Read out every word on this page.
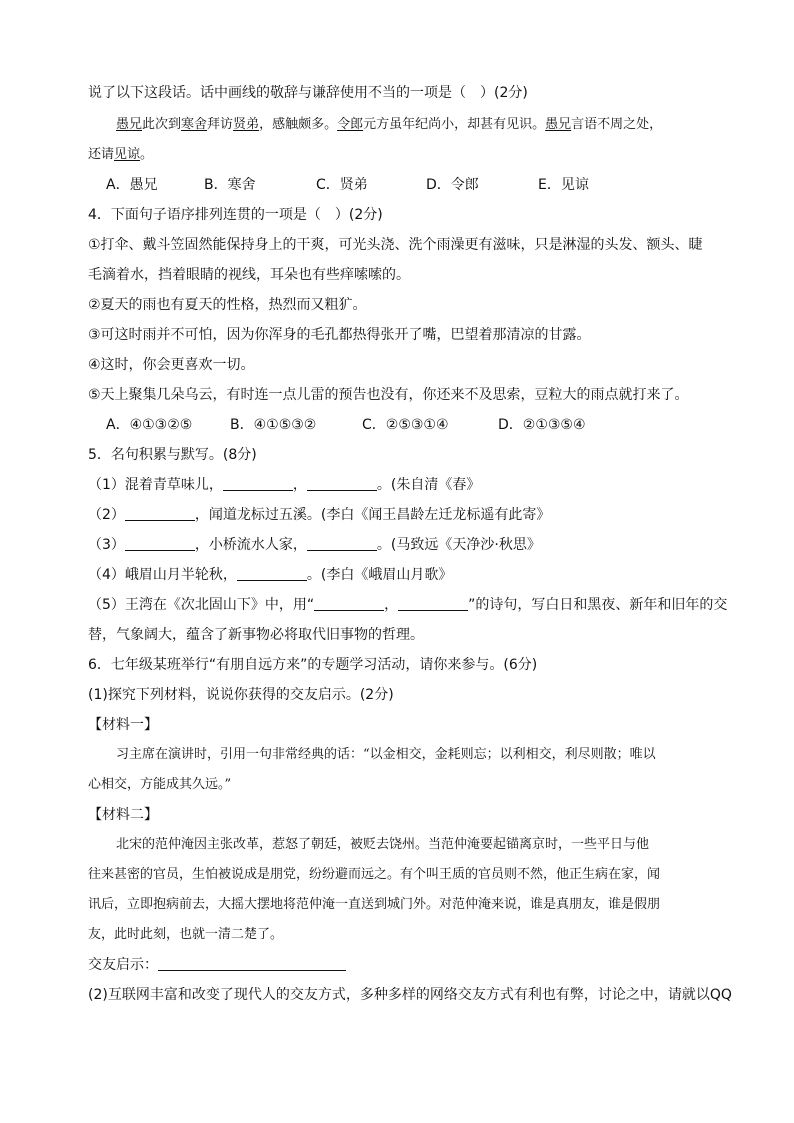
说了以下这段话。话中画线的敬辞与谦辞使用不当的一项是（　）(2分)
愚兄此次到寒舍拜访贤弟，感触颇多。令郎元方虽年纪尚小，却甚有见识。愚兄言语不周之处，
还请见谅。
A．愚兄	B．寒舍	C．贤弟	D．令郎	E．见谅
4．下面句子语序排列连贯的一项是（　）(2分)
①打伞、戴斗笠固然能保持身上的干爽，可光头浇、洗个雨澡更有滋味，只是淋湿的头发、额头、睫
毛滴着水，挡着眼睛的视线，耳朵也有些痒嗦嗦的。
②夏天的雨也有夏天的性格，热烈而又粗犷。
③可这时雨并不可怕，因为你浑身的毛孔都热得张开了嘴，巴望着那清凉的甘露。
④这时，你会更喜欢一切。
⑤天上聚集几朵乌云，有时连一点儿雷的预告也没有，你还来不及思索，豆粒大的雨点就打来了。
A．④①③②⑤	B．④①⑤③②	C．②⑤③①④	D．②①③⑤④
5．名句积累与默写。(8分)
（1）混着青草味儿，	，	。(朱自清《春》
（2）	，闻道龙标过五溪。(李白《闻王昌龄左迁龙标遥有此寄》
（3）	，小桥流水人家，	。(马致远《天净沙·秋思》
（4）峨眉山月半轮秋，	。(李白《峨眉山月歌》
（5）王湾在《次北固山下》中，用“	，	”的诗句，写白日和黑夜、新年和旧年的交
替，气象阔大，蕴含了新事物必将取代旧事物的哲理。
6．七年级某班举行“有朋自远方来”的专题学习活动，请你来参与。(6分)
(1)探究下列材料，说说你获得的交友启示。(2分)
【材料一】
习主席在演讲时，引用一句非常经典的话：“以金相交，金耗则忘；以利相交，利尽则散；唯以
心相交，方能成其久远。”
【材料二】
北宋的范仲淹因主张改革，惹怒了朝廷，被贬去饶州。当范仲淹要起锚离京时，一些平日与他
往来甚密的官员，生怕被说成是朋党，纷纷避而远之。有个叫王质的官员则不然，他正生病在家，闻
讯后，立即抱病前去，大摇大摆地将范仲淹一直送到城门外。对范仲淹来说，谁是真朋友，谁是假朋
友，此时此刻，也就一清二楚了。
交友启示：
(2)互联网丰富和改变了现代人的交友方式，多种多样的网络交友方式有利也有弊，讨论之中，请就以QQ
